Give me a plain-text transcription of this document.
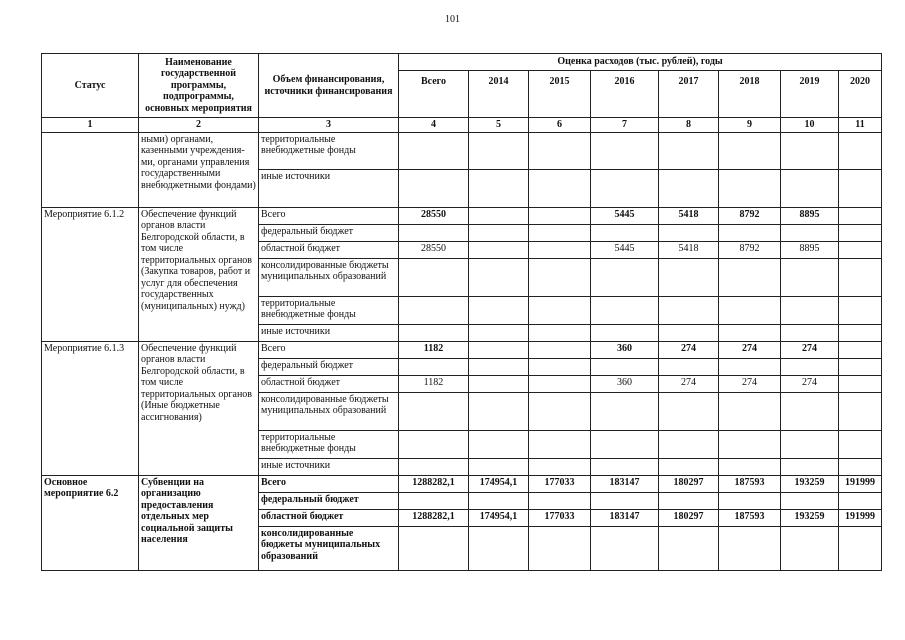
101
Статус	Наименование государственной программы, подпрограммы, основных мероприятия	Объем финансирования, источники финансирования	Оценка расходов (тыс. рублей), годы							
			Всего	2014	2015	2016	2017	2018	2019	2020
1	2	3	4	5	6	7	8	9	10	11
	ными) органами, казенными учреждения-ми, органами управления государственными внебюджетными фондами)	территориальные внебюджетные фонды								
		иные источники								
Мероприятие 6.1.2	Обеспечение функций органов власти Белгородской области, в том числе территориальных органов (Закупка товаров, работ и услуг для обеспечения государственных (муниципальных) нужд)	Всего	28550			5445	5418	8792	8895	
		федеральный бюджет								
		областной бюджет	28550			5445	5418	8792	8895	
		консолидированные бюджеты муниципальных образований								
		территориальные внебюджетные фонды								
		иные источники								
Мероприятие 6.1.3	Обеспечение функций органов власти Белгородской области, в том числе территориальных органов (Иные бюджетные ассигнования)	Всего	1182			360	274	274	274	
		федеральный бюджет								
		областной бюджет	1182			360	274	274	274	
		консолидированные бюджеты муниципальных образований								
		территориальные внебюджетные фонды								
		иные источники								
Основное мероприятие 6.2	Субвенции на организацию предоставления отдельных мер социальной защиты населения	Всего	1288282,1	174954,1	177033	183147	180297	187593	193259	191999
		федеральный бюджет								
		областной бюджет	1288282,1	174954,1	177033	183147	180297	187593	193259	191999
		консолидированные бюджеты муниципальных образований								
